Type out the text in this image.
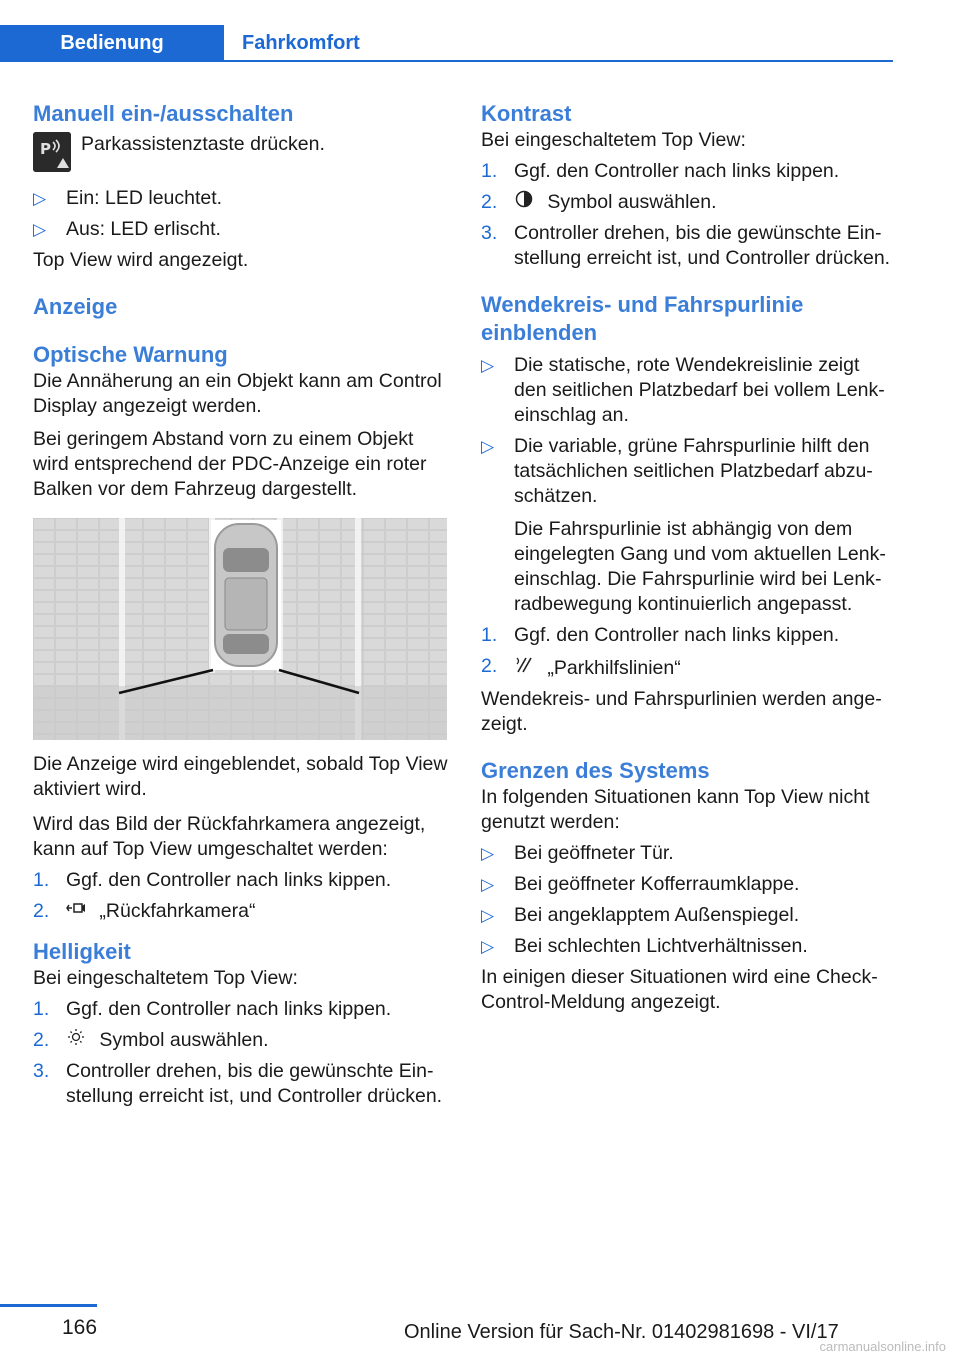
Bedienung	Fahrkomfort
Manuell ein-/ausschalten
P Parkassistenztaste drücken.
▷ Ein: LED leuchtet.
▷ Aus: LED erlischt.

Top View wird angezeigt.

Anzeige
Optische Warnung

Die Annäherung an ein Objekt kann am Control Display angezeigt werden.

Bei geringem Abstand vorn zu einem Objekt wird entsprechend der PDC-Anzeige ein roter Balken vor dem Fahrzeug dargestellt.

Die Anzeige wird eingeblendet, sobald Top View aktiviert wird.

Wird das Bild der Rückfahrkamera angezeigt, kann auf Top View umgeschaltet werden:

1. Ggf. den Controller nach links kippen.
2.	„Rückfahrkamera“
Helligkeit

Bei eingeschaltetem Top View:

1. Ggf. den Controller nach links kippen.
2.	Symbol auswählen.
3. Controller drehen, bis die gewünschte Einstellung erreicht ist, und Controller drücken.
Kontrast

Bei eingeschaltetem Top View:

1. Ggf. den Controller nach links kippen.
2.	Symbol auswählen.
3. Controller drehen, bis die gewünschte Einstellung erreicht ist, und Controller drücken.
Wendekreis- und Fahrspurlinie einblenden
▷ Die statische, rote Wendekreislinie zeigt den seitlichen Platzbedarf bei vollem Lenkeinschlag an.
▷ Die variable, grüne Fahrspurlinie hilft den tatsächlichen seitlichen Platzbedarf abzuschätzen.

Die Fahrspurlinie ist abhängig von dem eingelegten Gang und vom aktuellen Lenkeinschlag. Die Fahrspurlinie wird bei Lenkradbewegung kontinuierlich angepasst.

1. Ggf. den Controller nach links kippen.
2.	„Parkhilfslinien“

Wendekreis- und Fahrspurlinien werden angezeigt.

Grenzen des Systems

In folgenden Situationen kann Top View nicht genutzt werden:

▷ Bei geöffneter Tür.
▷ Bei geöffneter Kofferraumklappe.
▷ Bei angeklapptem Außenspiegel.
▷ Bei schlechten Lichtverhältnissen.

In einigen dieser Situationen wird eine Check-Control-Meldung angezeigt.

166	Online Version für Sach-Nr. 01402981698 - VI/17
carmanualsonline.info
